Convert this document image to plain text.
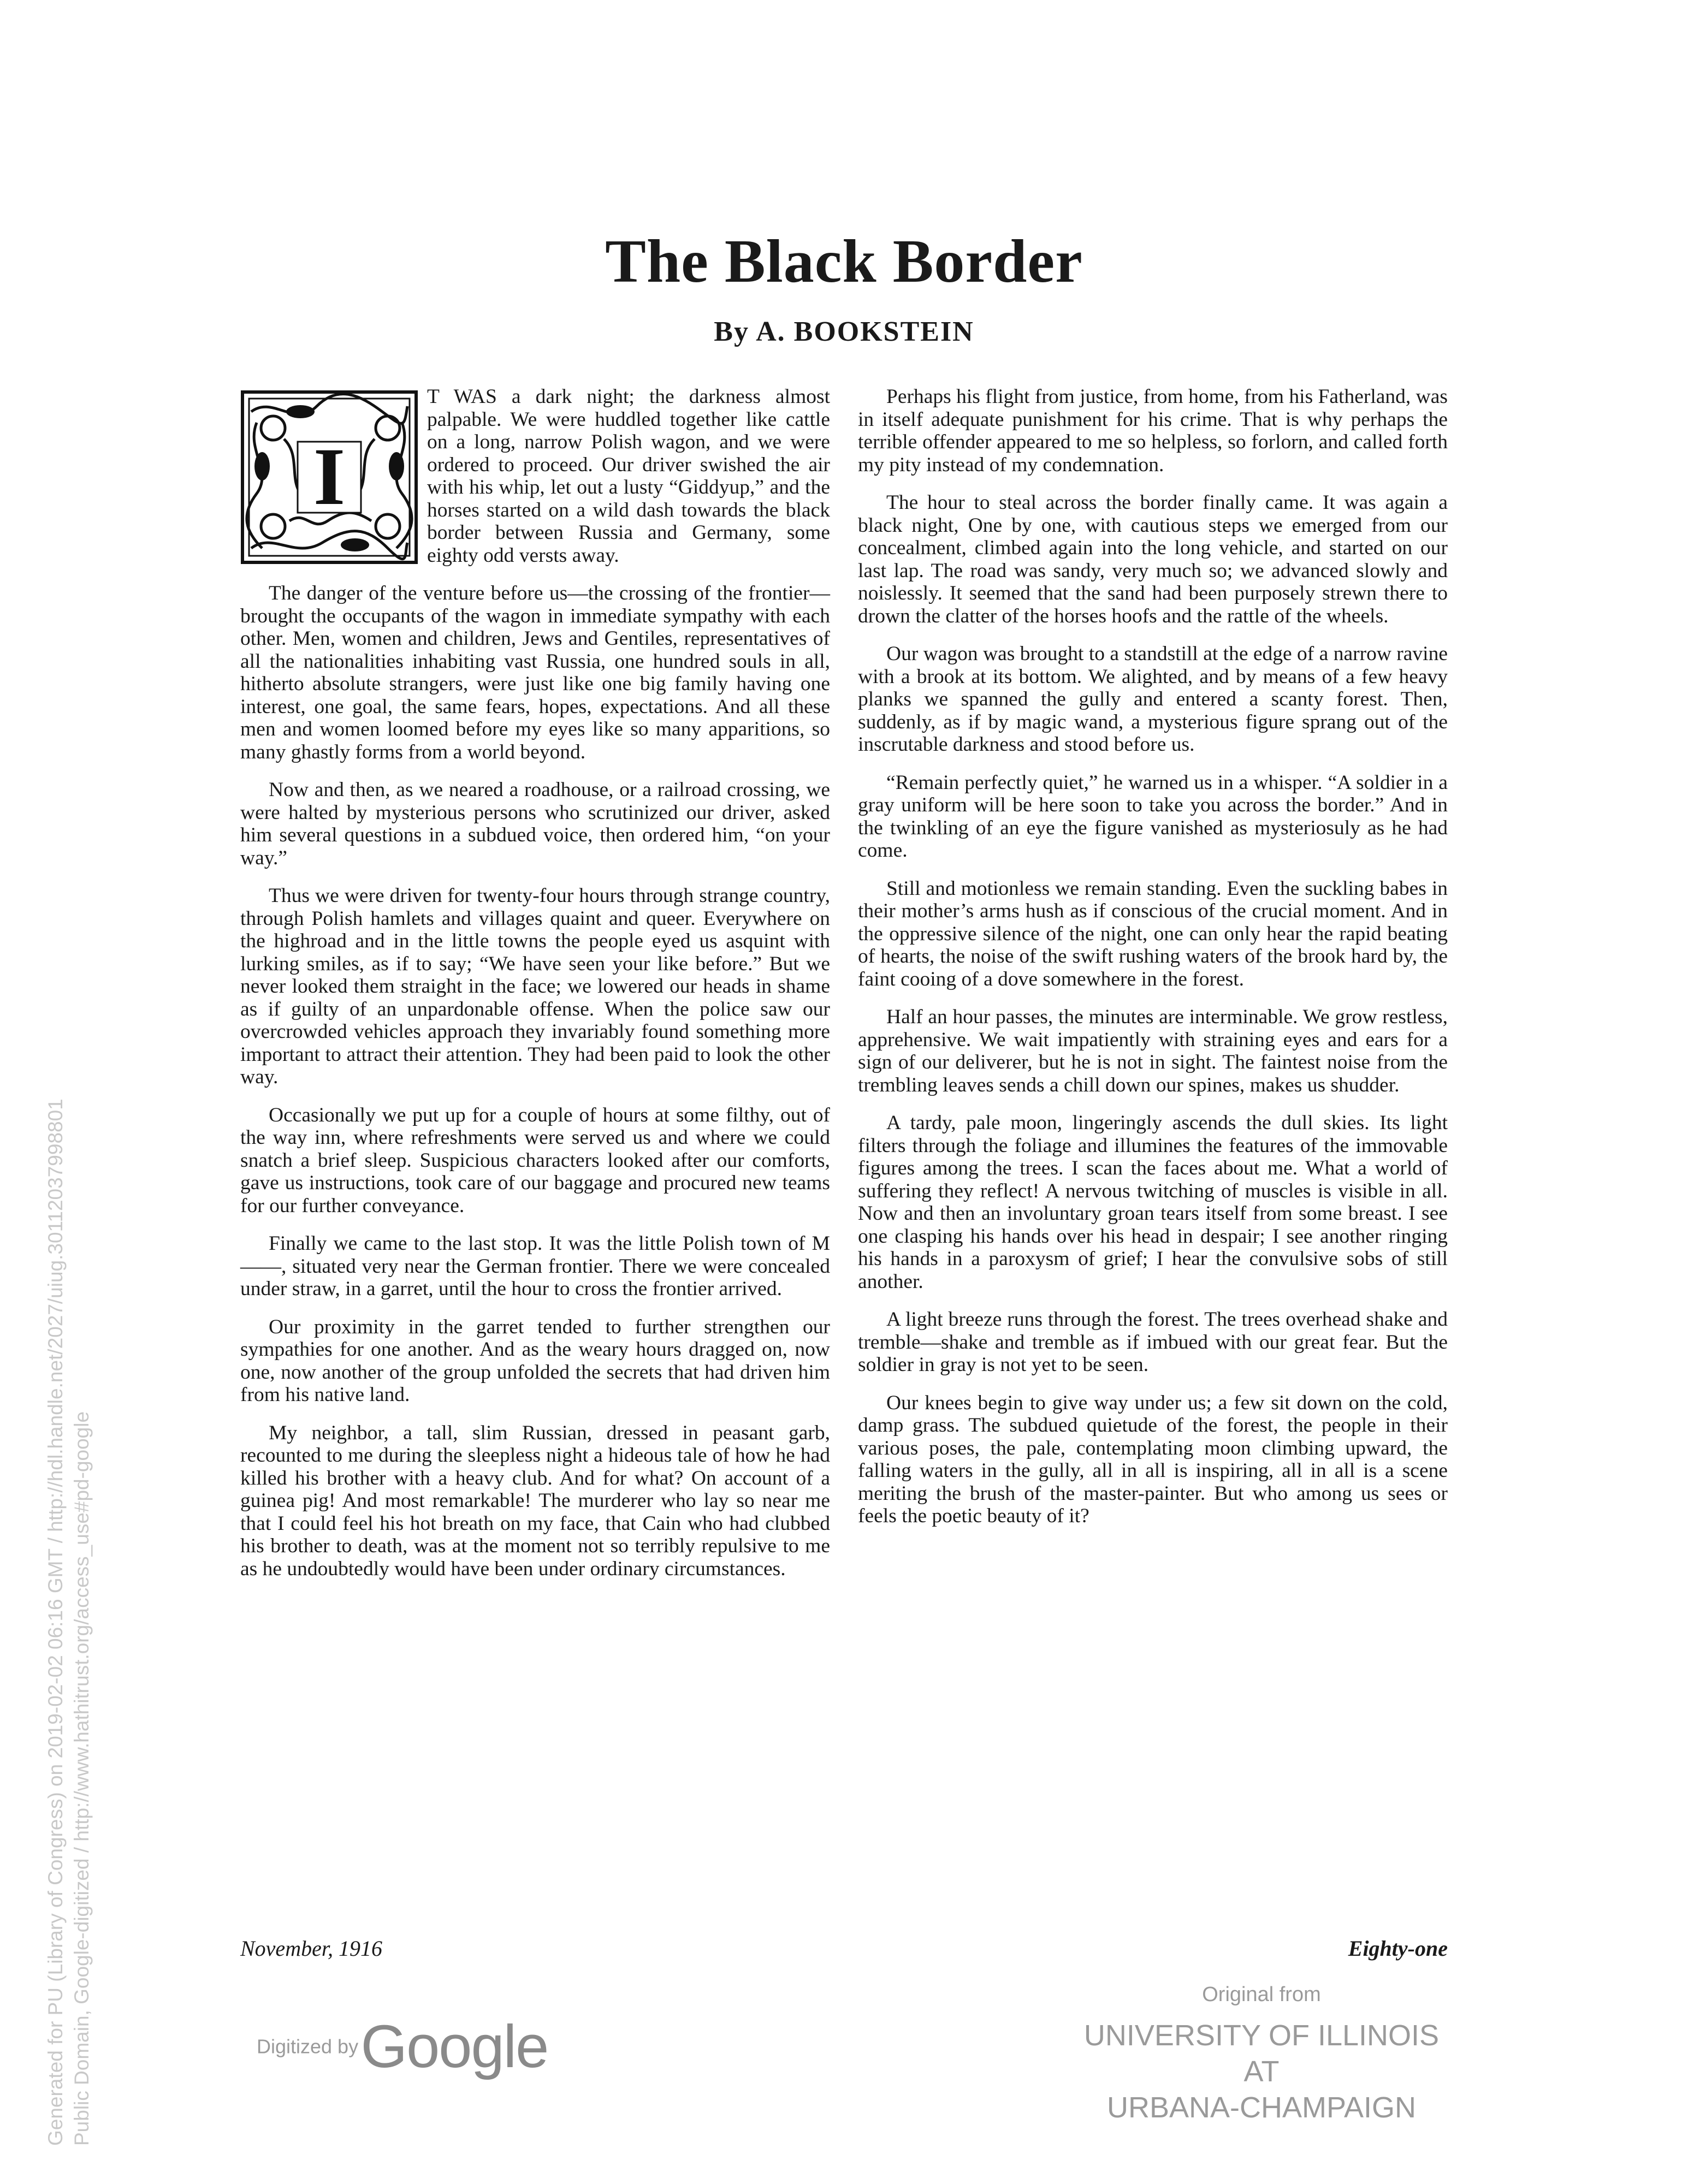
The Black Border
By A. BOOKSTEIN
I

T WAS a dark night; the darkness almost palpable. We were huddled together like cattle on a long, narrow Polish wagon, and we were ordered to proceed. Our driver swished the air with his whip, let out a lusty “Giddyup,” and the horses started on a wild dash towards the black border between Russia and Germany, some eighty odd versts away.

The danger of the venture before us—the crossing of the frontier—brought the occupants of the wagon in immediate sympathy with each other. Men, women and children, Jews and Gentiles, representatives of all the nationalities inhabiting vast Russia, one hundred souls in all, hitherto absolute strangers, were just like one big family having one interest, one goal, the same fears, hopes, expectations. And all these men and women loomed before my eyes like so many apparitions, so many ghastly forms from a world beyond.

Now and then, as we neared a roadhouse, or a railroad crossing, we were halted by mysterious persons who scrutinized our driver, asked him several questions in a subdued voice, then ordered him, “on your way.”

Thus we were driven for twenty-four hours through strange country, through Polish hamlets and villages quaint and queer. Everywhere on the highroad and in the little towns the people eyed us asquint with lurking smiles, as if to say; “We have seen your like before.” But we never looked them straight in the face; we lowered our heads in shame as if guilty of an unpardonable offense. When the police saw our overcrowded vehicles approach they invariably found something more important to attract their attention. They had been paid to look the other way.

Occasionally we put up for a couple of hours at some filthy, out of the way inn, where refreshments were served us and where we could snatch a brief sleep. Suspicious characters looked after our comforts, gave us instructions, took care of our baggage and procured new teams for our further conveyance.

Finally we came to the last stop. It was the little Polish town of M——, situated very near the German frontier. There we were concealed under straw, in a garret, until the hour to cross the frontier arrived.

Our proximity in the garret tended to further strengthen our sympathies for one another. And as the weary hours dragged on, now one, now another of the group unfolded the secrets that had driven him from his native land.

My neighbor, a tall, slim Russian, dressed in peasant garb, recounted to me during the sleepless night a hideous tale of how he had killed his brother with a heavy club. And for what? On account of a guinea pig! And most remarkable! The murderer who lay so near me that I could feel his hot breath on my face, that Cain who had clubbed his brother to death, was at the moment not so terribly repulsive to me as he undoubtedly would have been under ordinary circumstances.

Perhaps his flight from justice, from home, from his Fatherland, was in itself adequate punishment for his crime. That is why perhaps the terrible offender appeared to me so helpless, so forlorn, and called forth my pity instead of my condemnation.

The hour to steal across the border finally came. It was again a black night, One by one, with cautious steps we emerged from our concealment, climbed again into the long vehicle, and started on our last lap. The road was sandy, very much so; we advanced slowly and noislessly. It seemed that the sand had been purposely strewn there to drown the clatter of the horses hoofs and the rattle of the wheels.

Our wagon was brought to a standstill at the edge of a narrow ravine with a brook at its bottom. We alighted, and by means of a few heavy planks we spanned the gully and entered a scanty forest. Then, suddenly, as if by magic wand, a mysterious figure sprang out of the inscrutable darkness and stood before us.

“Remain perfectly quiet,” he warned us in a whisper. “A soldier in a gray uniform will be here soon to take you across the border.” And in the twinkling of an eye the figure vanished as mysteriosuly as he had come.

Still and motionless we remain standing. Even the suckling babes in their mother’s arms hush as if conscious of the crucial moment. And in the oppressive silence of the night, one can only hear the rapid beating of hearts, the noise of the swift rushing waters of the brook hard by, the faint cooing of a dove somewhere in the forest.

Half an hour passes, the minutes are interminable. We grow restless, apprehensive. We wait impatiently with straining eyes and ears for a sign of our deliverer, but he is not in sight. The faintest noise from the trembling leaves sends a chill down our spines, makes us shudder.

A tardy, pale moon, lingeringly ascends the dull skies. Its light filters through the foliage and illumines the features of the immovable figures among the trees. I scan the faces about me. What a world of suffering they reflect! A nervous twitching of muscles is visible in all. Now and then an involuntary groan tears itself from some breast. I see one clasping his hands over his head in despair; I see another ringing his hands in a paroxysm of grief; I hear the convulsive sobs of still another.

A light breeze runs through the forest. The trees overhead shake and tremble—shake and tremble as if imbued with our great fear. But the soldier in gray is not yet to be seen.

Our knees begin to give way under us; a few sit down on the cold, damp grass. The subdued quietude of the forest, the people in their various poses, the pale, contemplating moon climbing upward, the falling waters in the gully, all in all is inspiring, all in all is a scene meriting the brush of the master-painter. But who among us sees or feels the poetic beauty of it?

November, 1916	Eighty-one
Digitized by Google
Original from
UNIVERSITY OF ILLINOIS AT
URBANA-CHAMPAIGN
Generated for PU (Library of Congress) on 2019-02-02 06:16 GMT / http://hdl.handle.net/2027/uiug.30112037998801 Public Domain, Google-digitized / http://www.hathitrust.org/access_use#pd-google
